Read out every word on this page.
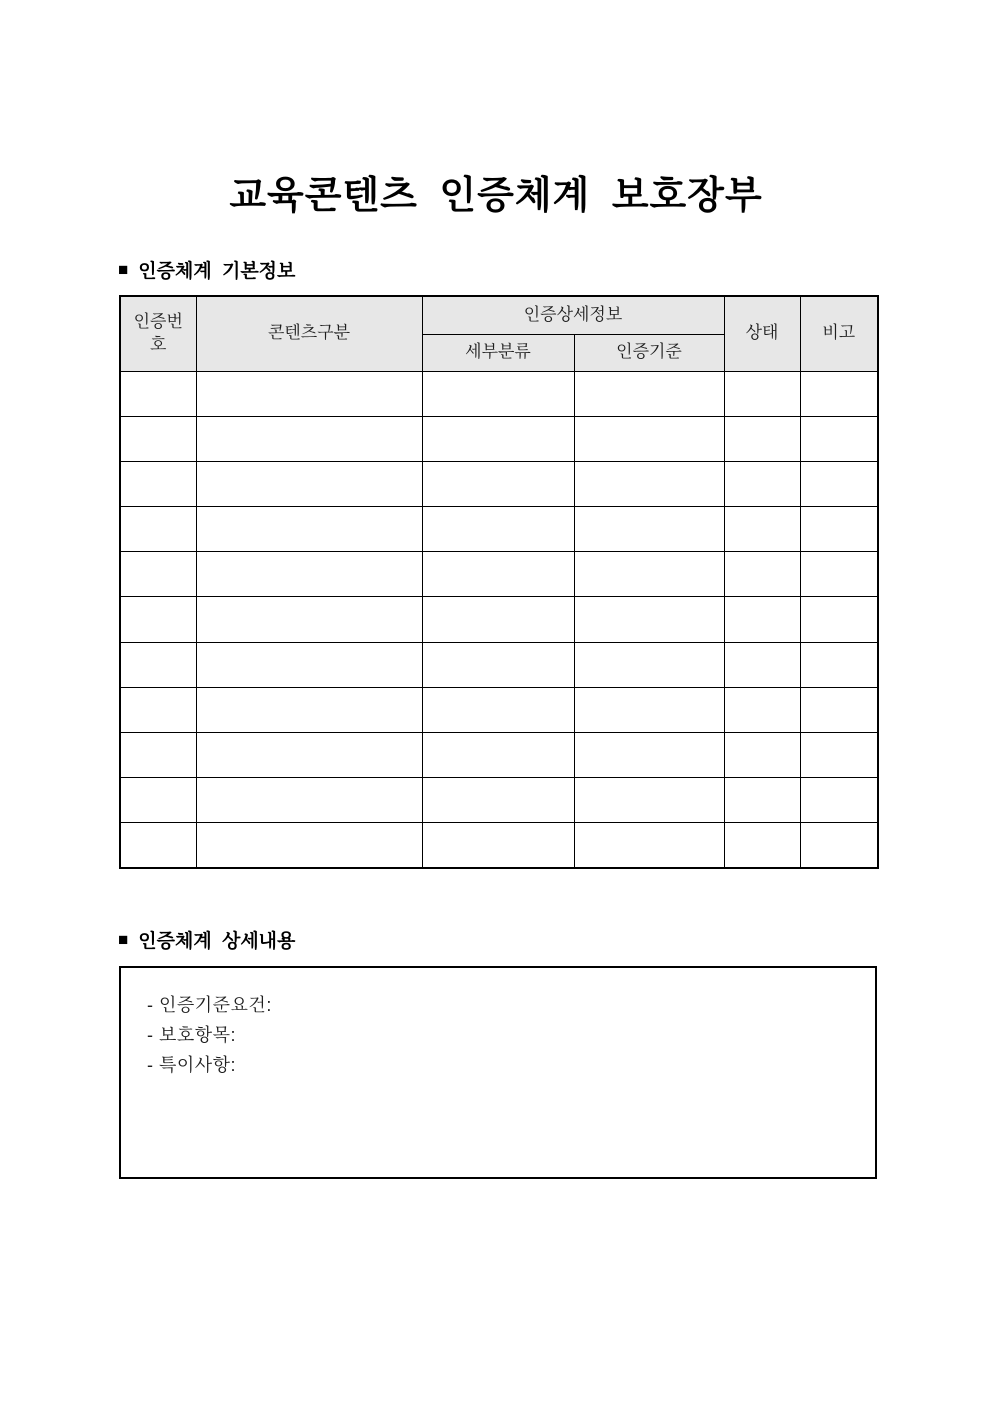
교육콘텐츠 인증체계 보호장부
■ 인증체계 기본정보
인증번호	콘텐츠구분	인증상세정보		상태	비고
		세부분류	인증기준		

■ 인증체계 상세내용
- 인증기준요건:
- 보호항목:
- 특이사항:
